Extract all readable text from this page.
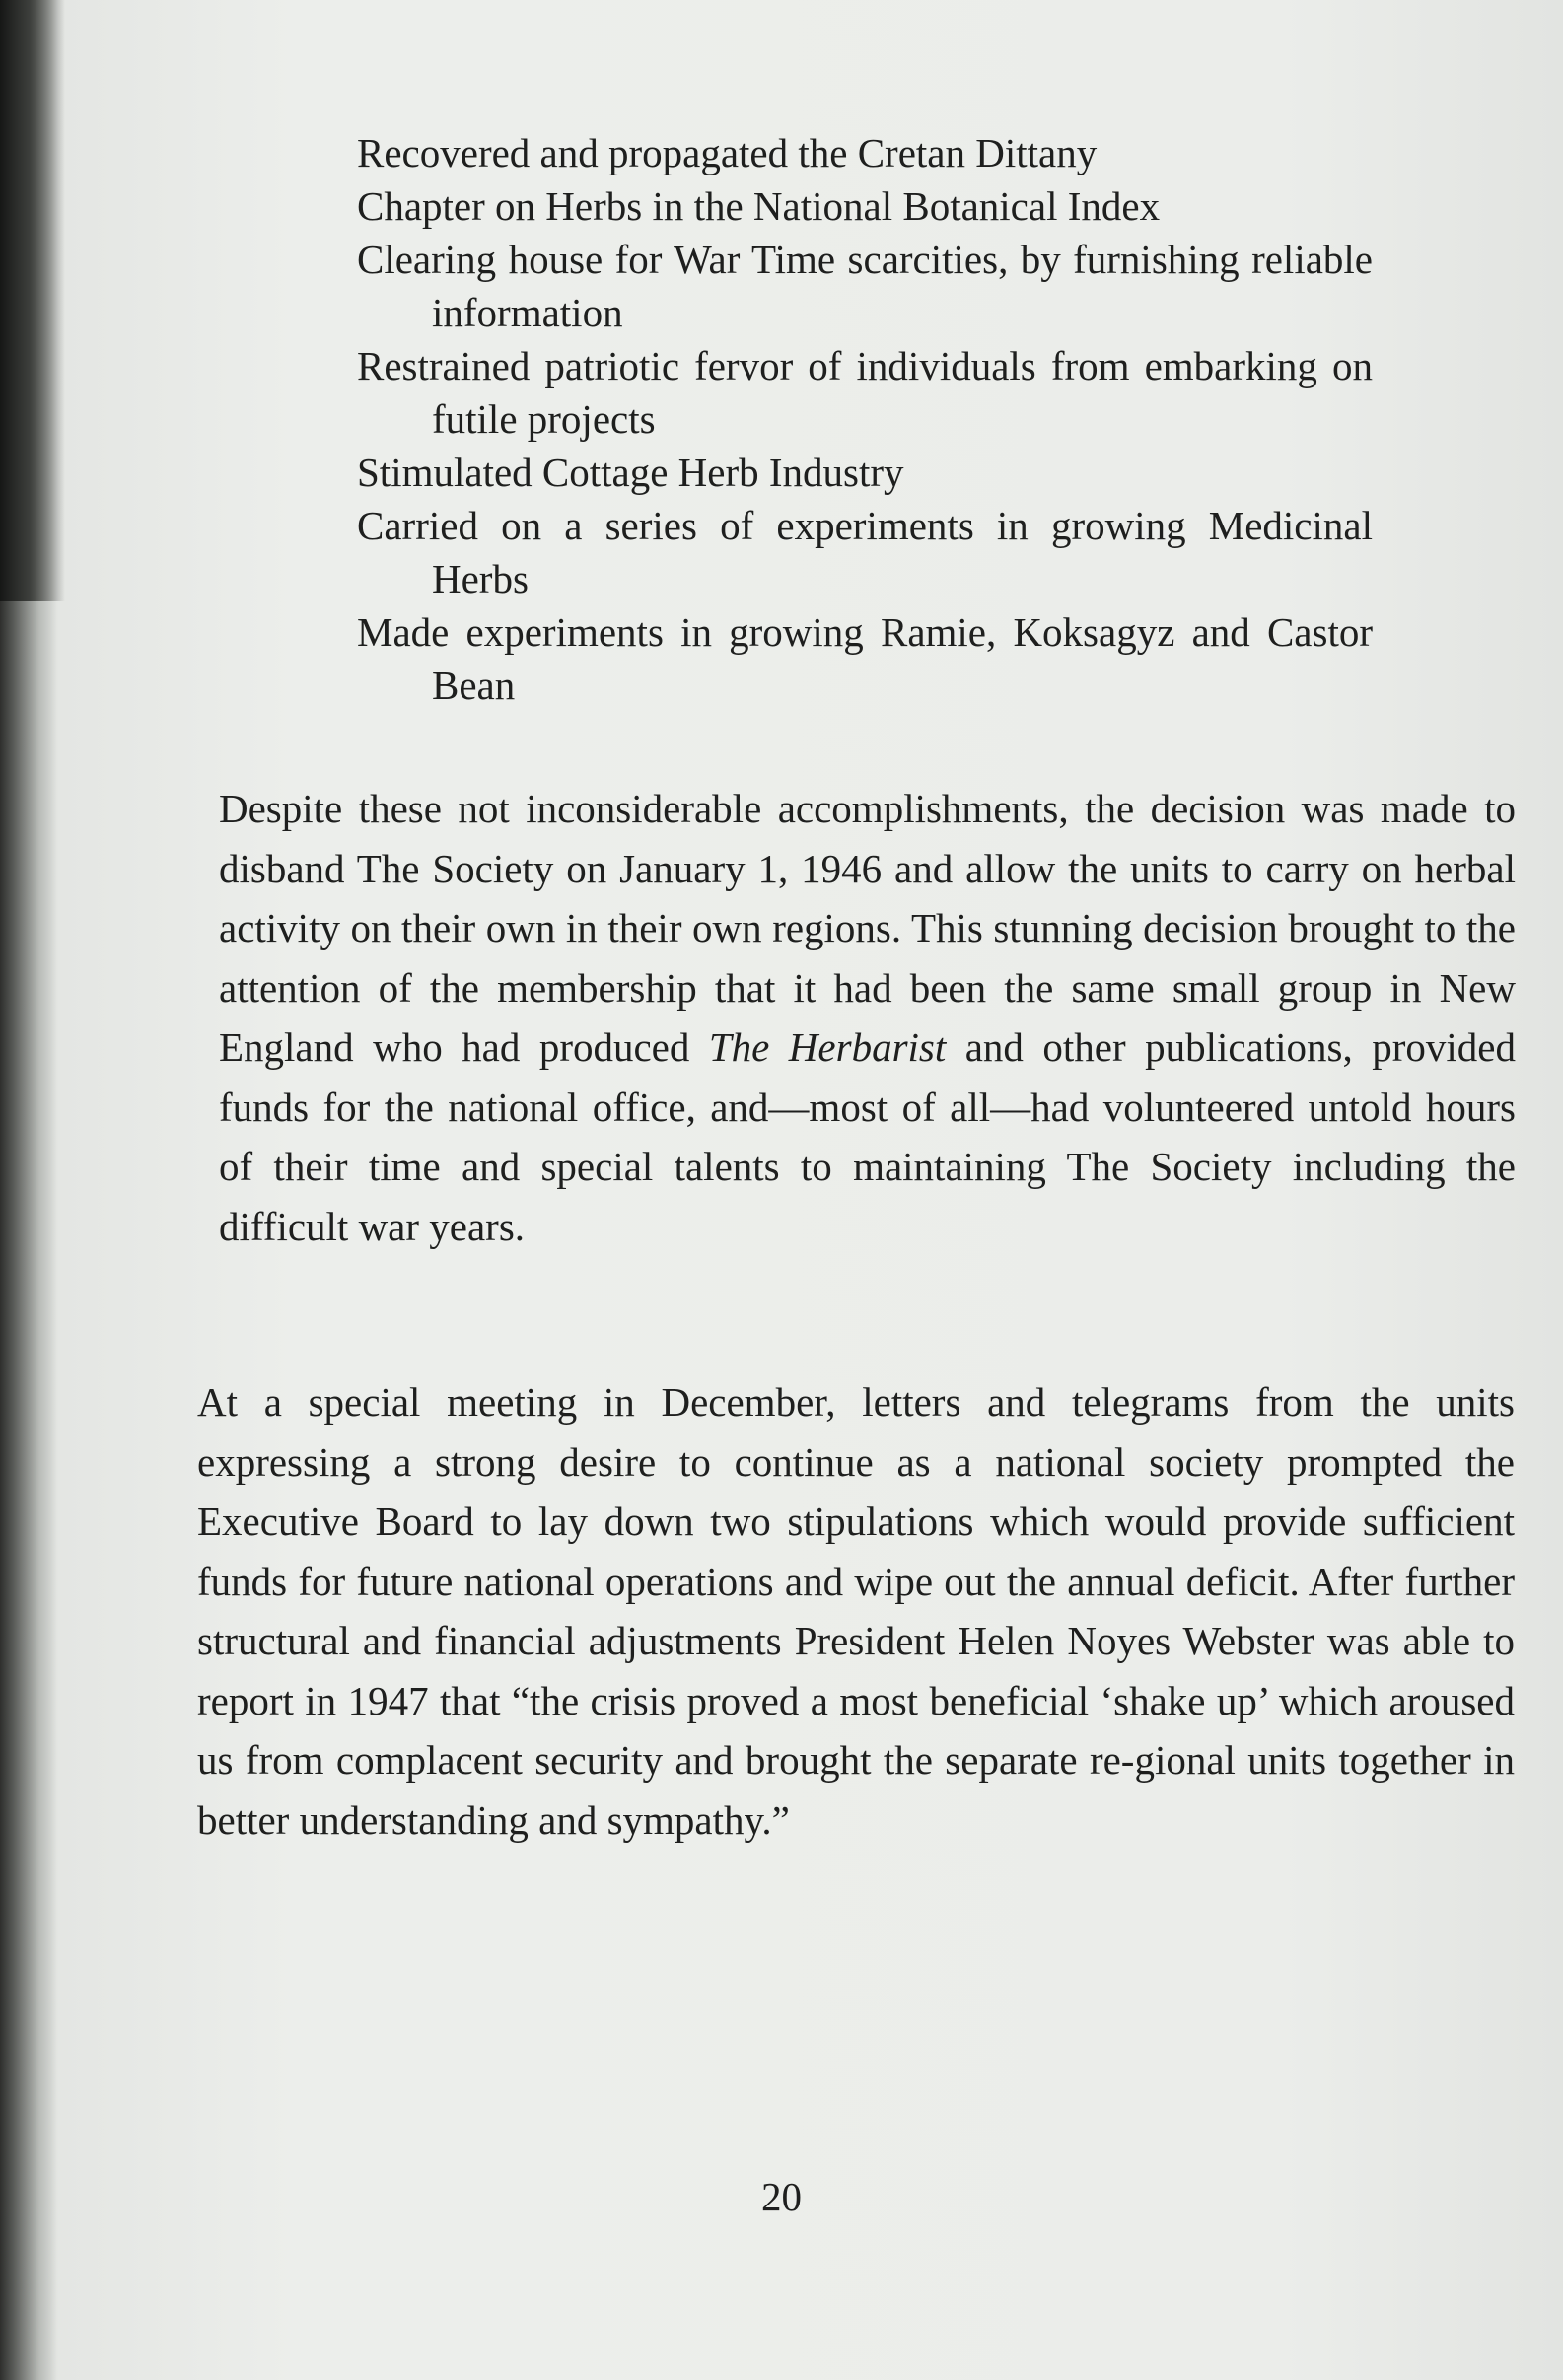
Recovered and propagated the Cretan Dittany

Chapter on Herbs in the National Botanical Index

Clearing house for War Time scarcities, by furnishing reliable information

Restrained patriotic fervor of individuals from embarking on futile projects

Stimulated Cottage Herb Industry

Carried on a series of experiments in growing Medicinal Herbs

Made experiments in growing Ramie, Koksagyz and Castor Bean

Despite these not inconsiderable accomplishments, the decision was made to disband The Society on January 1, 1946 and allow the units to carry on herbal activity on their own in their own regions. This stunning decision brought to the attention of the membership that it had been the same small group in New England who had produced The Herbarist and other publications, provided funds for the national office, and—most of all—had volunteered untold hours of their time and special talents to maintaining The Society including the difficult war years.

At a special meeting in December, letters and telegrams from the units expressing a strong desire to continue as a national society prompted the Executive Board to lay down two stipulations which would provide sufficient funds for future national operations and wipe out the annual deficit. After further structural and financial adjustments President Helen Noyes Webster was able to report in 1947 that “the crisis proved a most beneficial ‘shake up’ which aroused us from complacent security and brought the separate re-gional units together in better understanding and sympathy.”

20
